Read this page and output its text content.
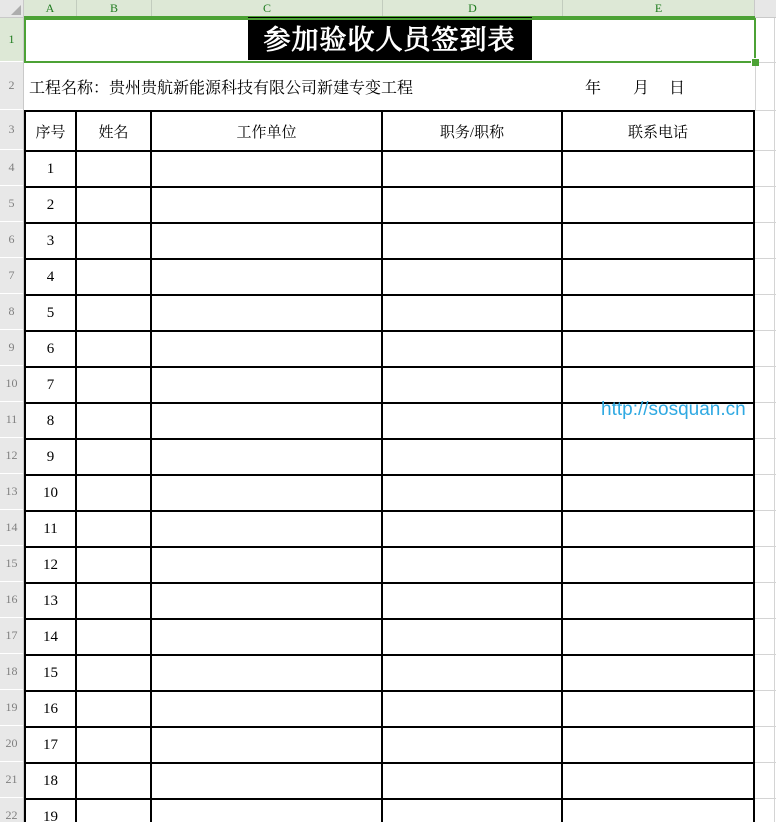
A	B	C	D	E
1
2
3
4
5
6
7
8
9
10
11
12
13
14
15
16
17
18
19
20
21
22
参加验收人员签到表
工程名称：贵州贵航新能源科技有限公司新建专变工程	年 月 日
序号	姓名	工作单位	职务/职称	联系电话
1
2
3
4
5
6
7
8
9
10
11
12
13
14
15
16
17
18
19
http://sosquan.cn
